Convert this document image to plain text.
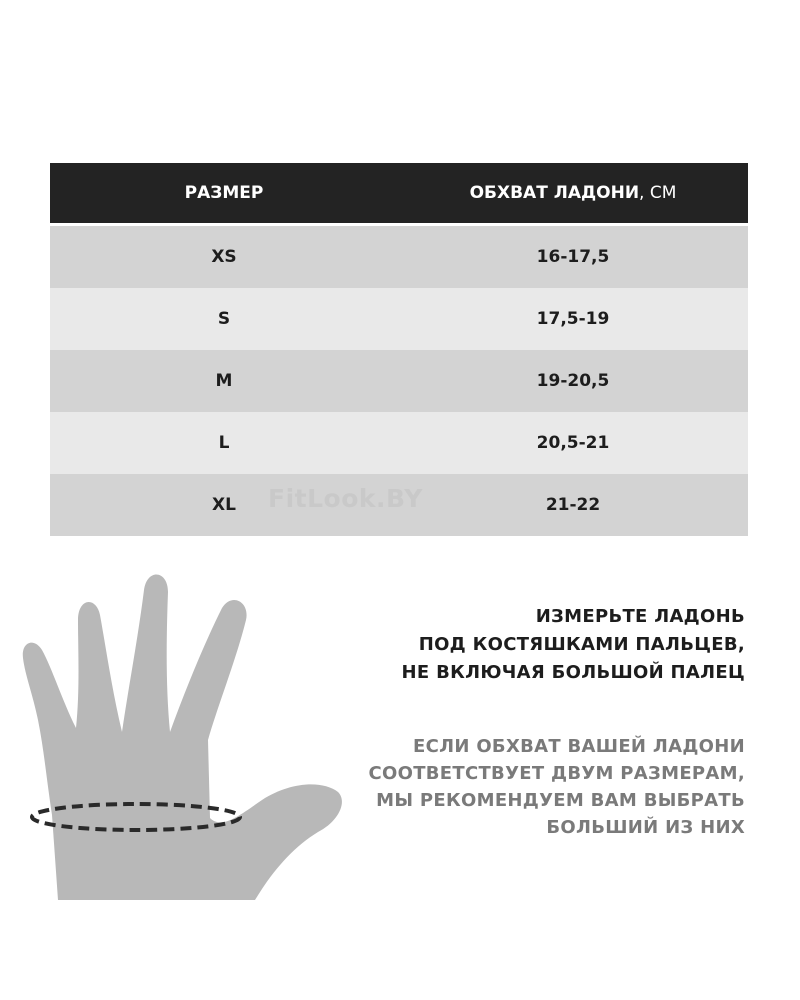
РАЗМЕР	ОБХВАТ ЛАДОНИ, СМ
XS	16-17,5
S	17,5-19
M	19-20,5
L	20,5-21
XL	21-22
FitLook.BY
ИЗМЕРЬТЕ ЛАДОНЬ
ПОД КОСТЯШКАМИ ПАЛЬЦЕВ,
НЕ ВКЛЮЧАЯ БОЛЬШОЙ ПАЛЕЦ
ЕСЛИ ОБХВАТ ВАШЕЙ ЛАДОНИ
СООТВЕТСТВУЕТ ДВУМ РАЗМЕРАМ,
МЫ РЕКОМЕНДУЕМ ВАМ ВЫБРАТЬ
БОЛЬШИЙ ИЗ НИХ
